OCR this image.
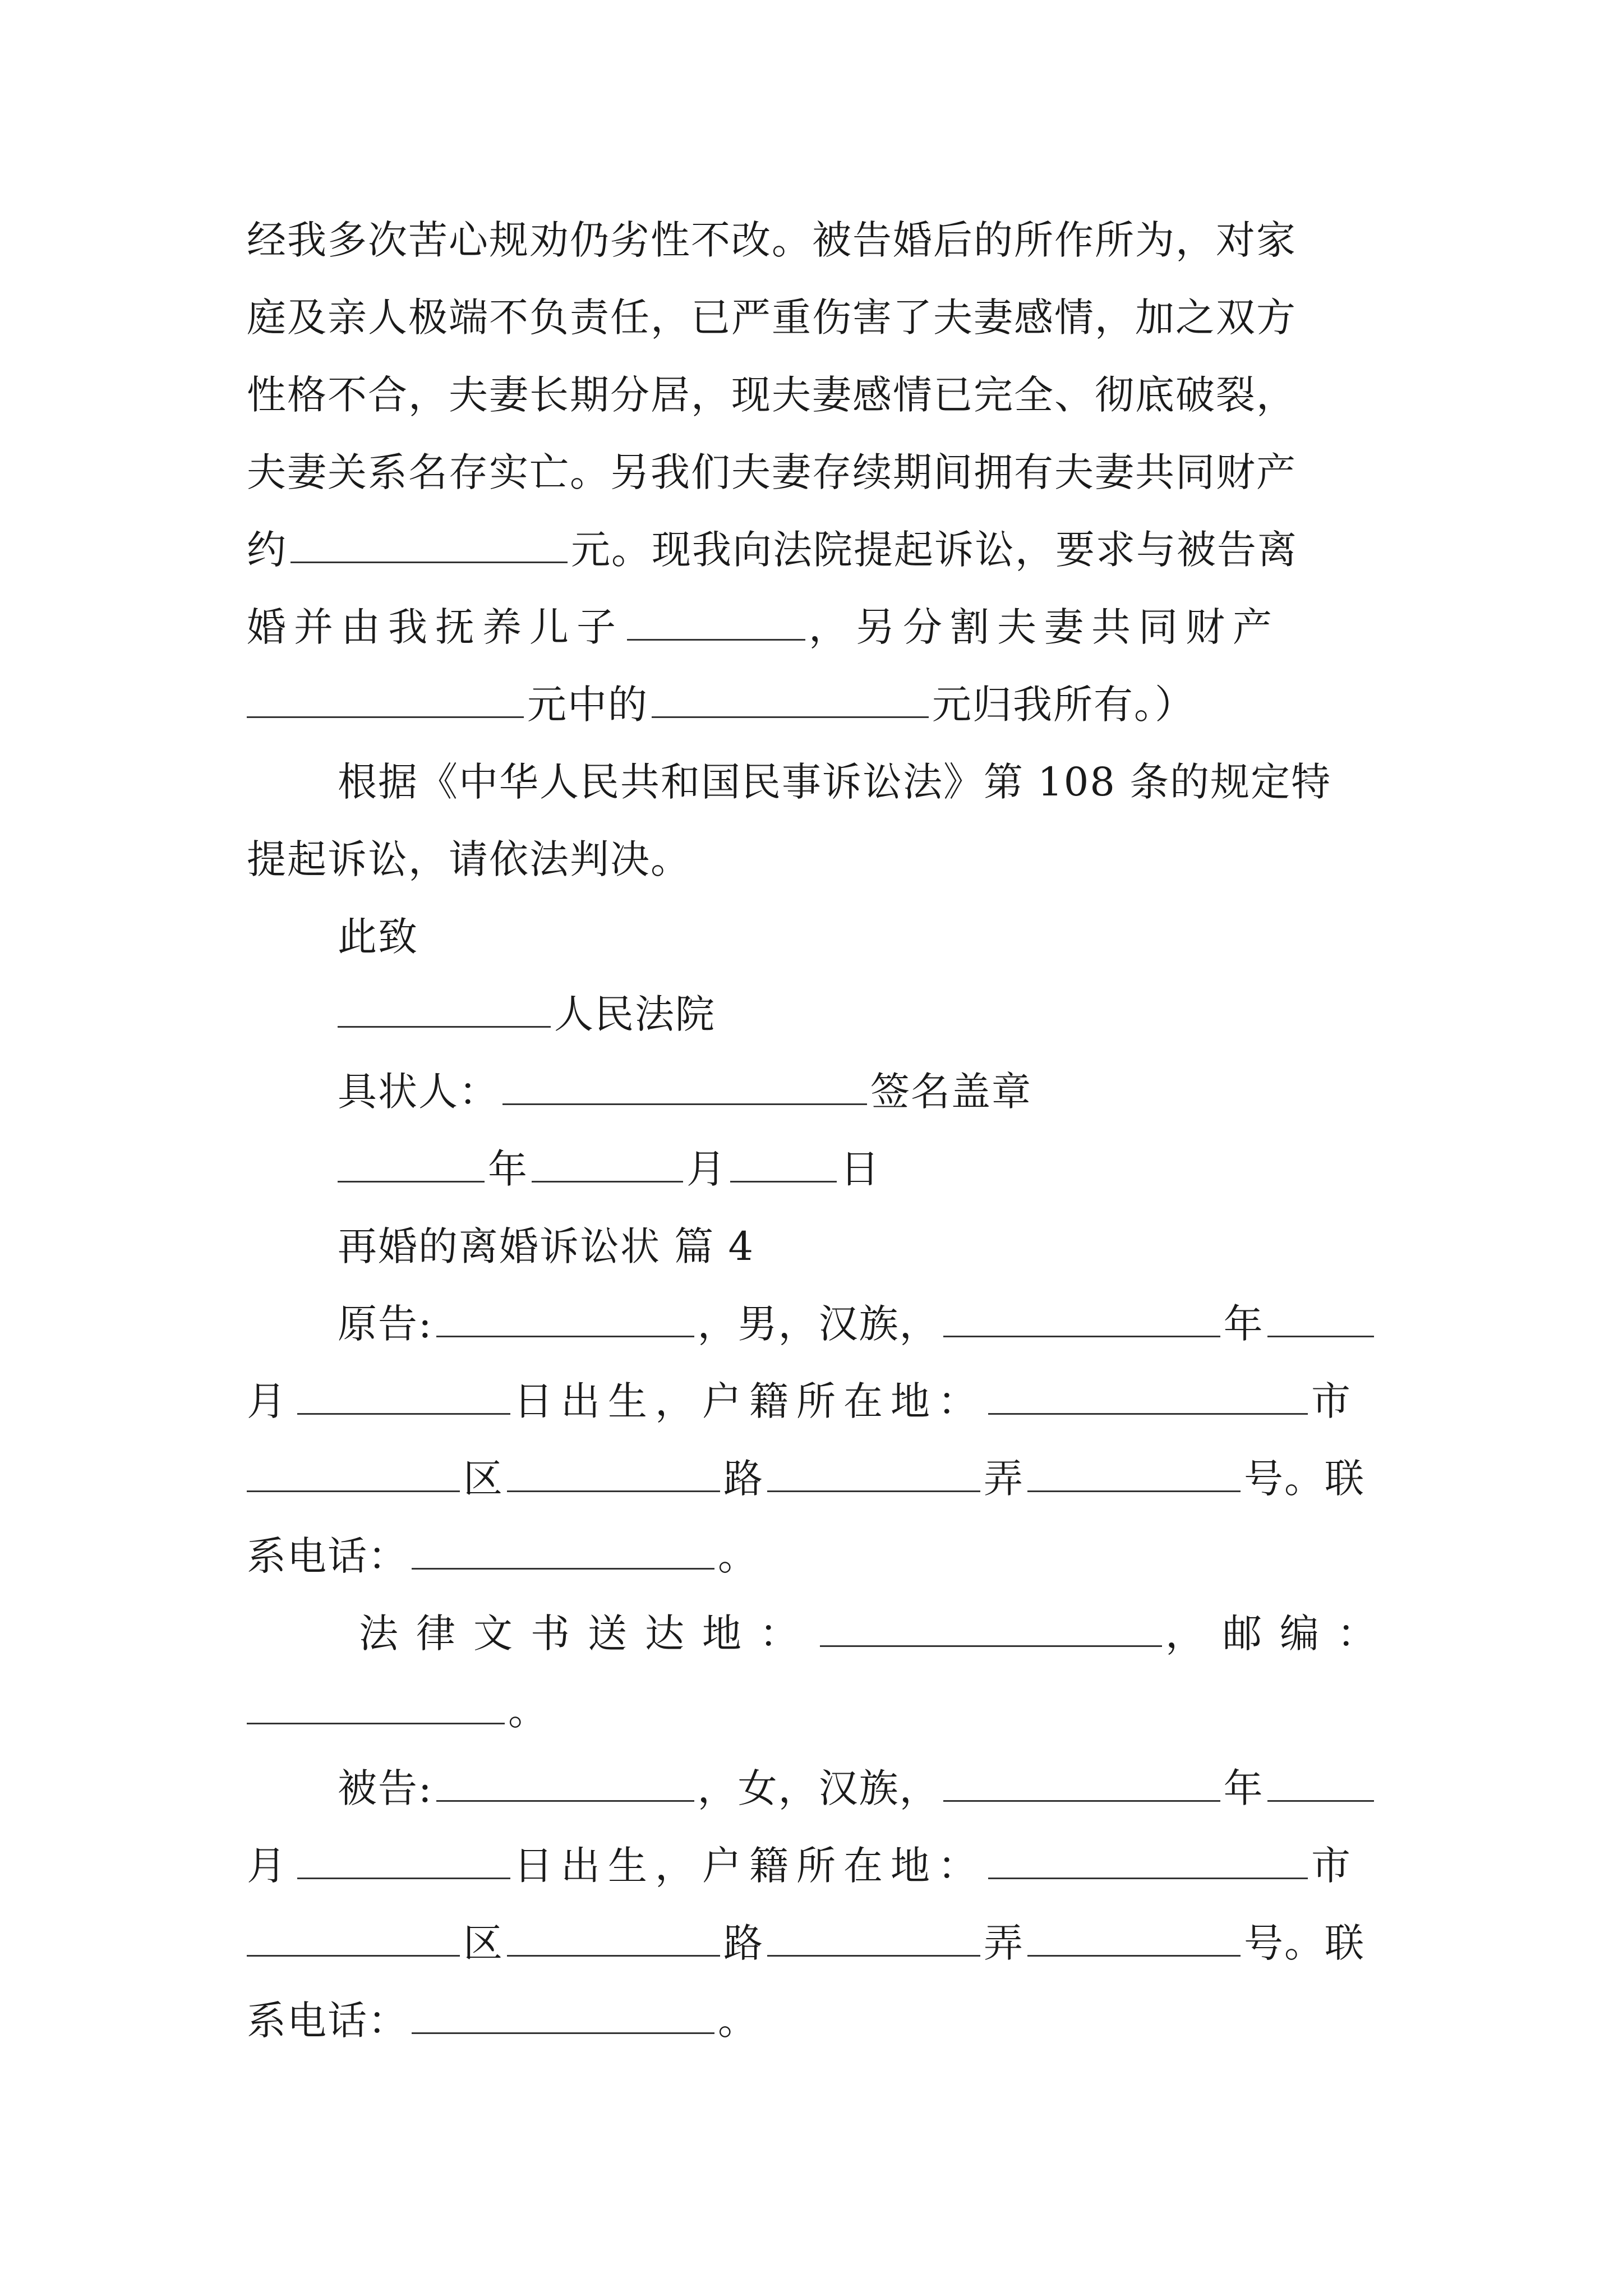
经我多次苦心规劝仍劣性不改。被告婚后的所作所为，对家
庭及亲人极端不负责任，已严重伤害了夫妻感情，加之双方
性格不合，夫妻长期分居，现夫妻感情已完全、彻底破裂，
夫妻关系名存实亡。另我们夫妻存续期间拥有夫妻共同财产
约	元。现我向法院提起诉讼，要求与被告离
婚并由我抚养儿子	，另分割夫妻共同财产
元中的	元归我所有。）
根据《中华人民共和国民事诉讼法》第 108 条的规定特
提起诉讼，请依法判决。
此致
人民法院
具状人：	签名盖章
年	月	日
再婚的离婚诉讼状 篇 4
原告:	，男，汉族，	年
月	日出生，户籍所在地：	市
区	路	弄	号。联
系电话：	。
法律文书送达地：	，邮编：
。
被告:	，女，汉族，	年
月	日出生，户籍所在地：	市
区	路	弄	号。联
系电话：	。
